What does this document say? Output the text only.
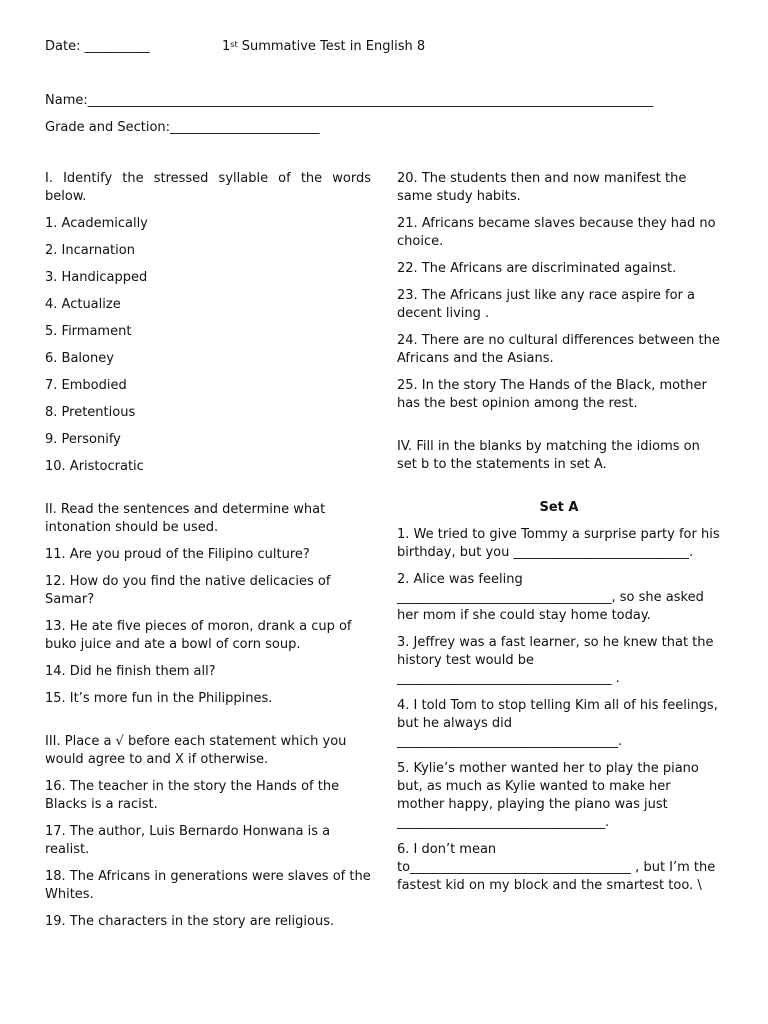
Date: __________	1st Summative Test in English 8
Name:_______________________________________________________________________________________
Grade and Section:_______________________
I. Identify the stressed syllable of the words below.
1. Academically
2. Incarnation
3. Handicapped
4. Actualize
5. Firmament
6. Baloney
7. Embodied
8. Pretentious
9. Personify
10. Aristocratic
II. Read the sentences and determine what intonation should be used.
11. Are you proud of the Filipino culture?
12. How do you find the native delicacies of Samar?
13. He ate five pieces of moron, drank a cup of buko juice and ate a bowl of corn soup.
14. Did he finish them all?
15. It’s more fun in the Philippines.
III. Place a √ before each statement which you would agree to and X if otherwise.
16. The teacher in the story the Hands of the Blacks is a racist.
17. The author, Luis Bernardo Honwana is a realist.
18. The Africans in generations were slaves of the Whites.
19. The characters in the story are religious.
20. The students then and now manifest the same study habits.
21. Africans became slaves because they had no choice.
22. The Africans are discriminated against.
23. The Africans just like any race aspire for a decent living .
24. There are no cultural differences between the Africans and the Asians.
25. In the story The Hands of the Black, mother has the best opinion among the rest.
IV. Fill in the blanks by matching the idioms on set b to the statements in set A.
Set A
1. We tried to give Tommy a surprise party for his birthday, but you ___________________________.
2. Alice was feeling _________________________________, so she asked her mom if she could stay home today.
3. Jeffrey was a fast learner, so he knew that the history test would be _________________________________ .
4. I told Tom to stop telling Kim all of his feelings, but he always did __________________________________.
5. Kylie’s mother wanted her to play the piano but, as much as Kylie wanted to make her mother happy, playing the piano was just ________________________________.
6. I don’t mean to__________________________________ , but I’m the fastest kid on my block and the smartest too. \
